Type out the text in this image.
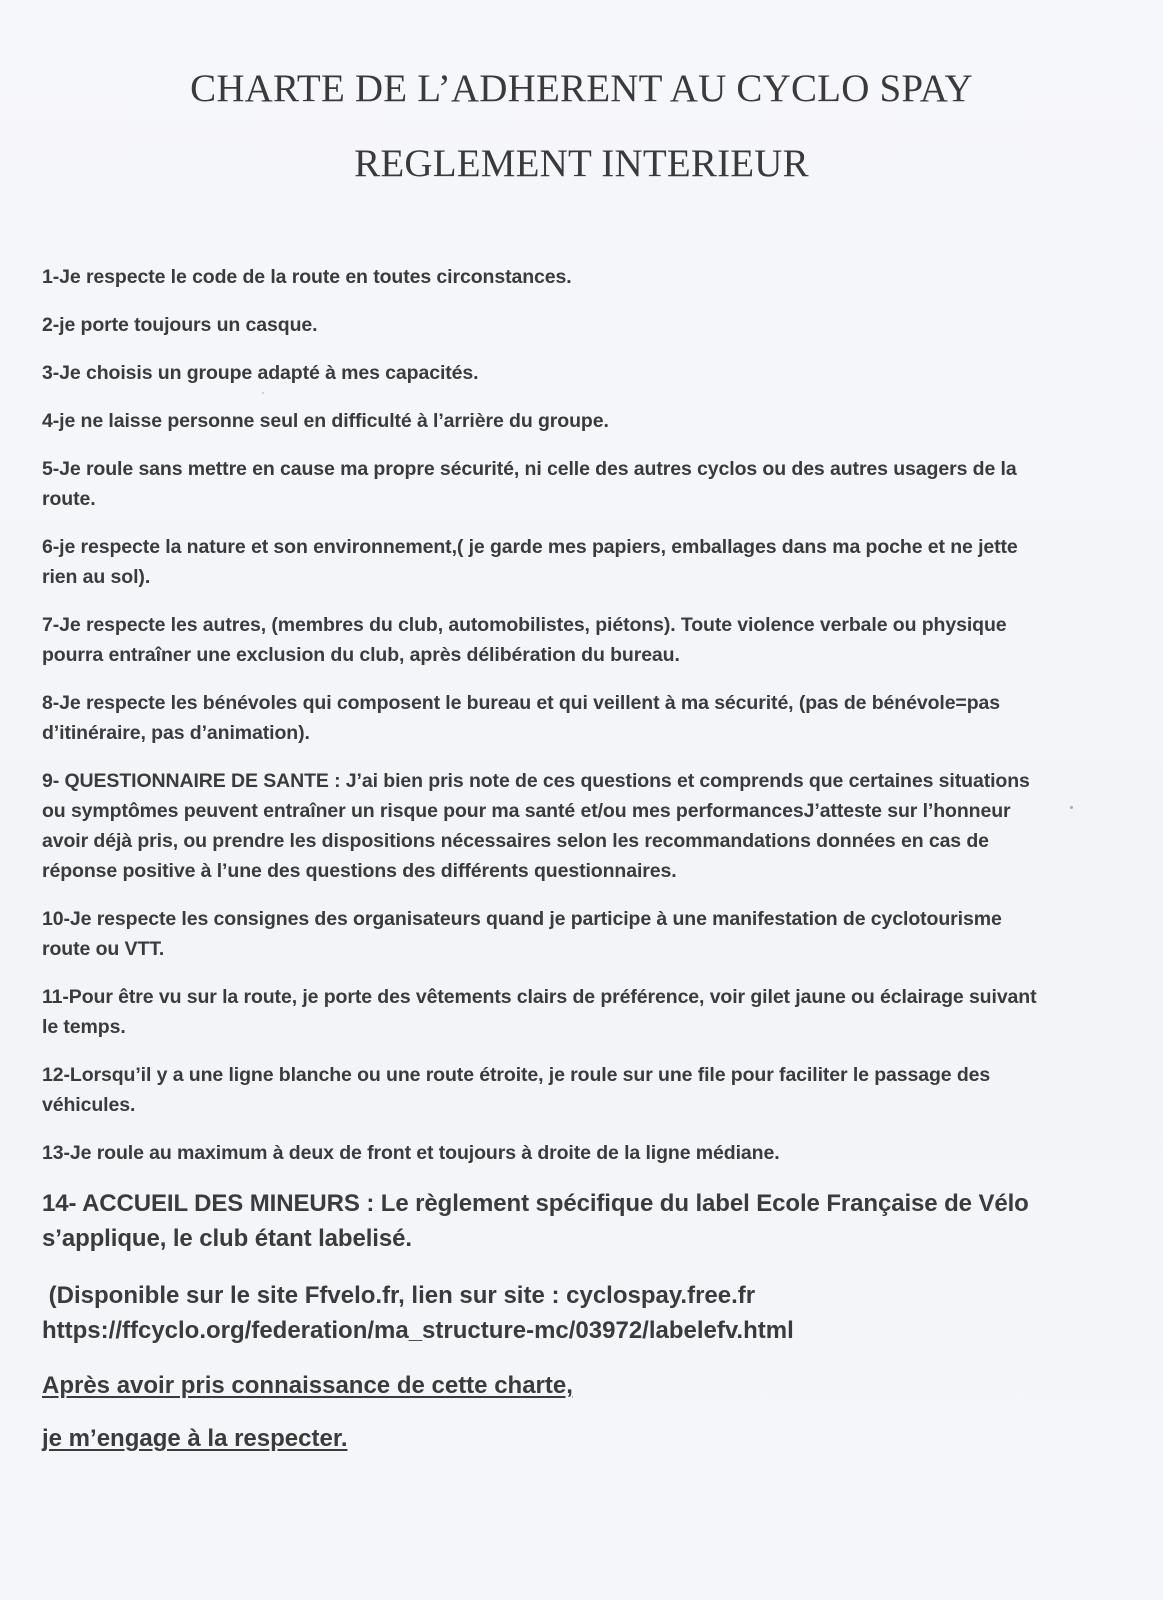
CHARTE DE L’ADHERENT AU CYCLO SPAY
REGLEMENT INTERIEUR

1-Je respecte le code de la route en toutes circonstances.

2-je porte toujours un casque.

3-Je choisis un groupe adapté à mes capacités.

4-je ne laisse personne seul en difficulté à l’arrière du groupe.

5-Je roule sans mettre en cause ma propre sécurité, ni celle des autres cyclos ou des autres usagers de la route.

6-je respecte la nature et son environnement,( je garde mes papiers, emballages dans ma poche et ne jette rien au sol).

7-Je respecte les autres, (membres du club, automobilistes, piétons). Toute violence verbale ou physique pourra entraîner une exclusion du club, après délibération du bureau.

8-Je respecte les bénévoles qui composent le bureau et qui veillent à ma sécurité, (pas de bénévole=pas d’itinéraire, pas d’animation).

9- QUESTIONNAIRE DE SANTE : J’ai bien pris note de ces questions et comprends que certaines situations ou symptômes peuvent entraîner un risque pour ma santé et/ou mes performancesJ’atteste sur l’honneur avoir déjà pris, ou prendre les dispositions nécessaires selon les recommandations données en cas de réponse positive à l’une des questions des différents questionnaires.

10-Je respecte les consignes des organisateurs quand je participe à une manifestation de cyclotourisme route ou VTT.

11-Pour être vu sur la route, je porte des vêtements clairs de préférence, voir gilet jaune ou éclairage suivant le temps.

12-Lorsqu’il y a une ligne blanche ou une route étroite, je roule sur une file pour faciliter le passage des véhicules.

13-Je roule au maximum à deux de front et toujours à droite de la ligne médiane.

14- ACCUEIL DES MINEURS : Le règlement spécifique du label Ecole Française de Vélo s’applique, le club étant labelisé.

(Disponible sur le site Ffvelo.fr, lien sur site : cyclospay.free.fr
https://ffcyclo.org/federation/ma_structure-mc/03972/labelefv.html
Après avoir pris connaissance de cette charte,
je m’engage à la respecter.
